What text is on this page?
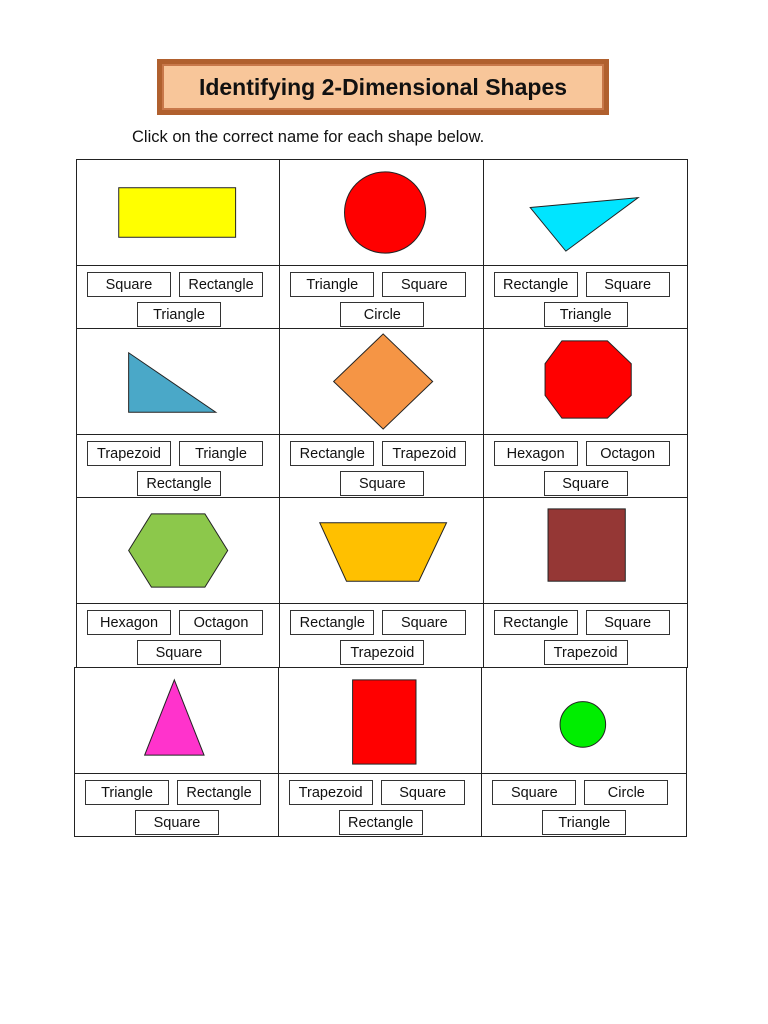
Identifying 2-Dimensional Shapes
Click on the correct name for each shape below.
Square	Rectangle
Triangle
Triangle	Square
Circle
Rectangle	Square
Triangle
Trapezoid	Triangle
Rectangle
Rectangle	Trapezoid
Square
Hexagon	Octagon
Square
Hexagon	Octagon
Square
Rectangle	Square
Trapezoid
Rectangle	Square
Trapezoid
Triangle	Rectangle
Square
Trapezoid	Square
Rectangle
Square	Circle
Triangle
